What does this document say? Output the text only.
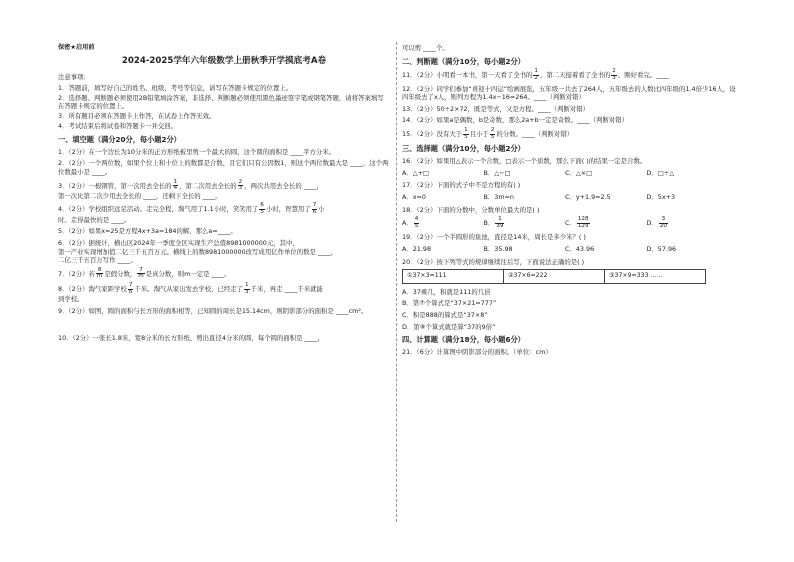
保密★启用前
2024-2025学年六年级数学上册秋季开学摸底考A卷
注意事项:

1．答题前，填写好自己的姓名、班级、考号等信息，请写在答题卡规定的位置上。

2．选择题、判断题必须使用2B铅笔填涂答案，非选择、判断题必须使用黑色墨迹签字笔或钢笔答题，请将答案填写在答题卡规定的位置上。

3．所有题目必须在答题卡上作答，在试卷上作答无效。

4．考试结束后将试卷和答题卡一并交回。

一、填空题（满分20分，每小题2分）

1．（2分）在一个边长为10分米的正方形纸板里剪一个最大的圆，这个圆的面积是 ____平方分米。

2．（2分）一个两位数，如果个位上和十位上的数都是合数，且它们只有公因数1，则这个两位数最大是 ____，这个两位数最小是 ____。

3．（2分）一根钢管，第一次用去全长的 $\frac{1}{4}$ ，第二次用去全长的 $\frac{2}{3}$ ，两次共用去全长的 ____，
第一次比第二次少用去全长的 ____，还剩下全长的 ____。

4．（2分）学校组织远足活动。走完全程，淘气用了1.1小时，笑笑用了 $\frac{6}{5}$ 小时，智慧用了 $\frac{7}{6}$ 小
时。走得最快的是 ____。

5．（2分）如果x=25是方程4x+3a=184的解，那么a=____。

6．（2分）据统计，横山区2024年一季度全区实现生产总值8981000000元，其中，
第一产业实现增加值二亿三千五百万元。横线上的数8981000000改写成用亿作单位的数是 ____，
二亿三千五百万写作 ____。

7．（2分）若 $\frac{8}{m}$ 是假分数， $\frac{7}{m}$ 是真分数，则m一定是 ____。

8．（2分）淘气家距学校 $\frac{7}{6}$ 千米。淘气从家出发去学校，已经走了 $\frac{1}{3}$ 千米，再走 ____千米就能
到学校。

9．（2分）如图，圆的面积与长方形的面积相等，已知圆的周长是15.14cm，则阴影部分的面积是 ____cm²。

10．（2分）一张长1.8米，宽8分米的长方形纸，剪出直径4分米的圆，每个圆的面积是 ____，

可以剪 ____个。

二、判断题（满分10分，每小题2分）

11．（2分）小明看一本书，第一天看了全书的 $\frac{1}{2}$ ，第二天接着看了全书的 $\frac{2}{3}$ ，刚好看完。____

12．（2分）同学们参加“喜迎十四运”绘画展览，五年级一共去了264人，五年级去的人数比四年级的1.4倍少16人，设四年级去了x人，则列方程为1.4x−16=264。____（判断对错）

13．（2分）50÷2×72，既是等式，又是方程。____（判断对错）

14．（2分）如果a是偶数，b是奇数，那么2a+b一定是奇数。____（判断对错）

15．（2分）没有大于 $\frac{1}{5}$ 且小于 $\frac{2}{5}$ 的分数。____（判断对错）

三、选择题（满分10分，每小题2分）

16．（2分）如果用△表示一个合数，□表示一个质数，那么下面( )的结果一定是合数。

A．△+□	B．△−□	C．△×□	D．□÷△

17．（2分）下面的式子中不是方程的有( )

A．x=0	B．3m=n	C．y+1.9=2.5	D．5x+3

18．（2分）下面的分数中，分数单位最大的是( )

A． $\frac{4}{5}$	B． $\frac{1}{39}$	C． $\frac{128}{129}$	D． $\frac{3}{20}$

19．（2分）一个半圆形的鱼池，直径是14米，周长是多少米？( )

A．21.98	B．35.98	C．43.96	D．57.96

20．（2分）按下列等式的规律继续往后写，下面说法正确的是( )

①37×3=111	②37×6=222	③37×9=333 ……

A．37乘几，积就是111的几倍

B．第⑦个算式是“37×21=777”

C．积是888的算式是“37×8”

D．第⑧个算式就是算“37的9倍”

四、计算题（满分18分，每小题6分）

21．（6分）计算图中阴影部分的面积。（单位：cm）
